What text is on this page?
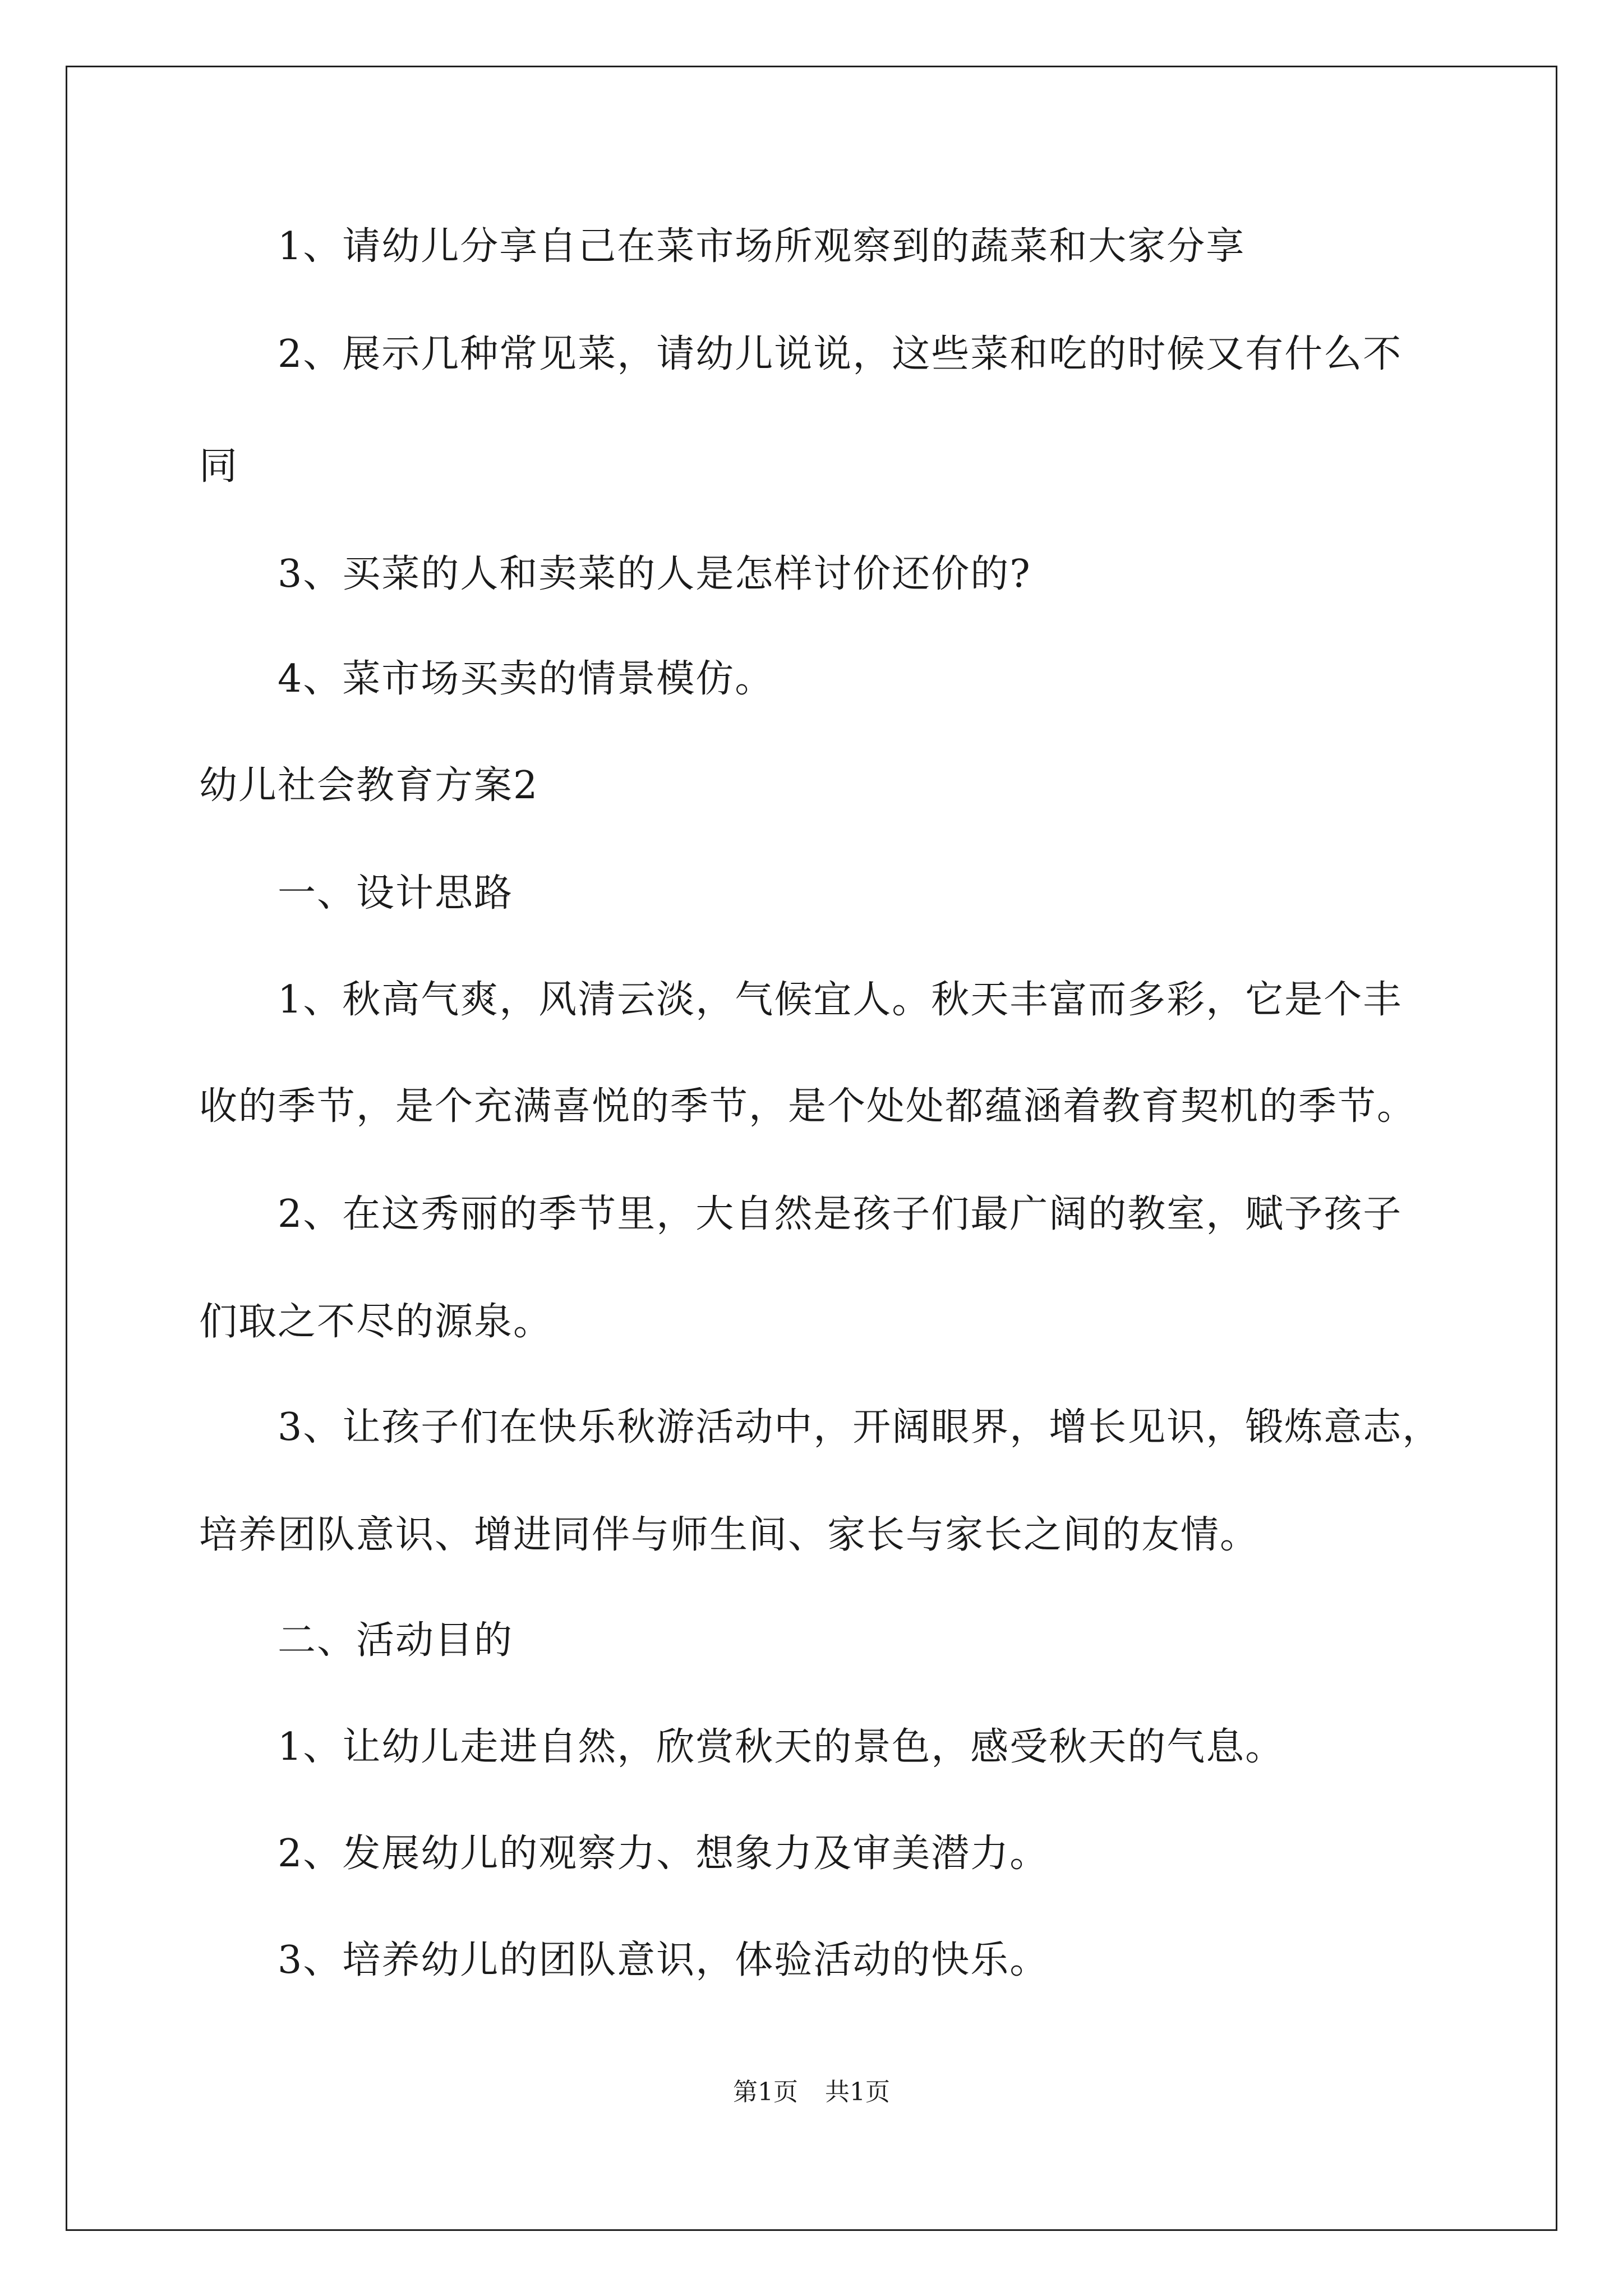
1、请幼儿分享自己在菜市场所观察到的蔬菜和大家分享
2、展示几种常见菜，请幼儿说说，这些菜和吃的时候又有什么不
同
3、买菜的人和卖菜的人是怎样讨价还价的?
4、菜市场买卖的情景模仿。
幼儿社会教育方案2
一、设计思路
1、秋高气爽，风清云淡，气候宜人。秋天丰富而多彩，它是个丰
收的季节，是个充满喜悦的季节，是个处处都蕴涵着教育契机的季节。
2、在这秀丽的季节里，大自然是孩子们最广阔的教室，赋予孩子
们取之不尽的源泉。
3、让孩子们在快乐秋游活动中，开阔眼界，增长见识，锻炼意志，
培养团队意识、增进同伴与师生间、家长与家长之间的友情。
二、活动目的
1、让幼儿走进自然，欣赏秋天的景色，感受秋天的气息。
2、发展幼儿的观察力、想象力及审美潜力。
3、培养幼儿的团队意识，体验活动的快乐。
第1页 共1页
